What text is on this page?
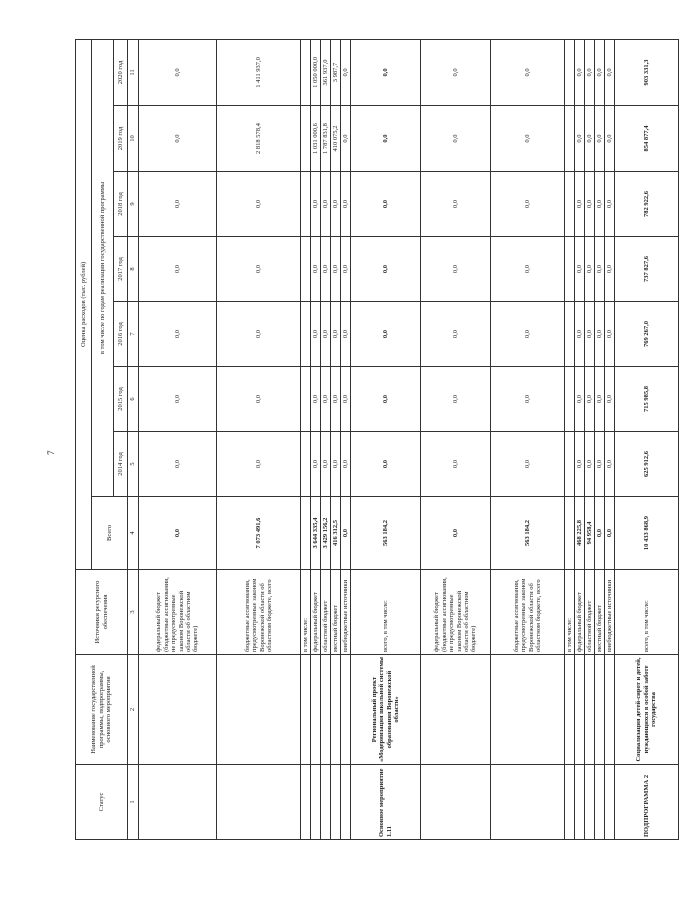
7
Статус	Наименование государственной программы, подпрограммы, основного мероприятия	Источники ресурсного обеспечения	Оценка расходов (тыс. рублей)							
			Всего	в том числе по годам реализации государственной программы						
				2014 год	2015 год	2016 год	2017 год	2018 год	2019 год	2020 год
1	2	3	4	5	6	7	8	9	10	11
		федеральный бюджет (бюджетные ассигнования, не предусмотренные законом Воронежской области об областном бюджете)	0,0	0,0	0,0	0,0	0,0	0,0	0,0	0,0
		бюджетные ассигнования, предусмотренные законом Воронежской области об областном бюджете, всего	7 073 491,6	0,0	0,0	0,0	0,0	0,0	2 818 578,4	1 411 937,0
		в том числе:								
		федеральный бюджет	3 644 335,4	0,0	0,0	0,0	0,0	0,0	1 031 000,6	1 050 000,0
		областной бюджет	3 429 156,2	0,0	0,0	0,0	0,0	0,0	1 787 831,8	361 937,0
		местный бюджет	416 312,5	0,0	0,0	0,0	0,0	0,0	410 075,2	3 987,7
		внебюджетные источники	0,0	0,0	0,0	0,0	0,0	0,0	0,0	0,0
Основное мероприятие 1.11	Региональный проект «Модернизация школьной системы образования Воронежской области»	всего, в том числе:	563 184,2	0,0	0,0	0,0	0,0	0,0	0,0	0,0
		федеральный бюджет (бюджетные ассигнования, не предусмотренные законом Воронежской области об областном бюджете)	0,0	0,0	0,0	0,0	0,0	0,0	0,0	0,0
		бюджетные ассигнования, предусмотренные законом Воронежской области об областном бюджете, всего	563 184,2	0,0	0,0	0,0	0,0	0,0	0,0	0,0
		в том числе:								
		федеральный бюджет	468 225,8	0,0	0,0	0,0	0,0	0,0	0,0	0,0
		областной бюджет	94 958,4	0,0	0,0	0,0	0,0	0,0	0,0	0,0
		местный бюджет	0,0	0,0	0,0	0,0	0,0	0,0	0,0	0,0
		внебюджетные источники	0,0	0,0	0,0	0,0	0,0	0,0	0,0	0,0
ПОДПРОГРАММА 2	Социализация детей-сирот и детей, нуждающихся в особой заботе государства	всего, в том числе:	10 433 868,9	625 912,6	715 985,8	769 267,0	737 827,6	782 922,6	854 877,4	903 331,3
